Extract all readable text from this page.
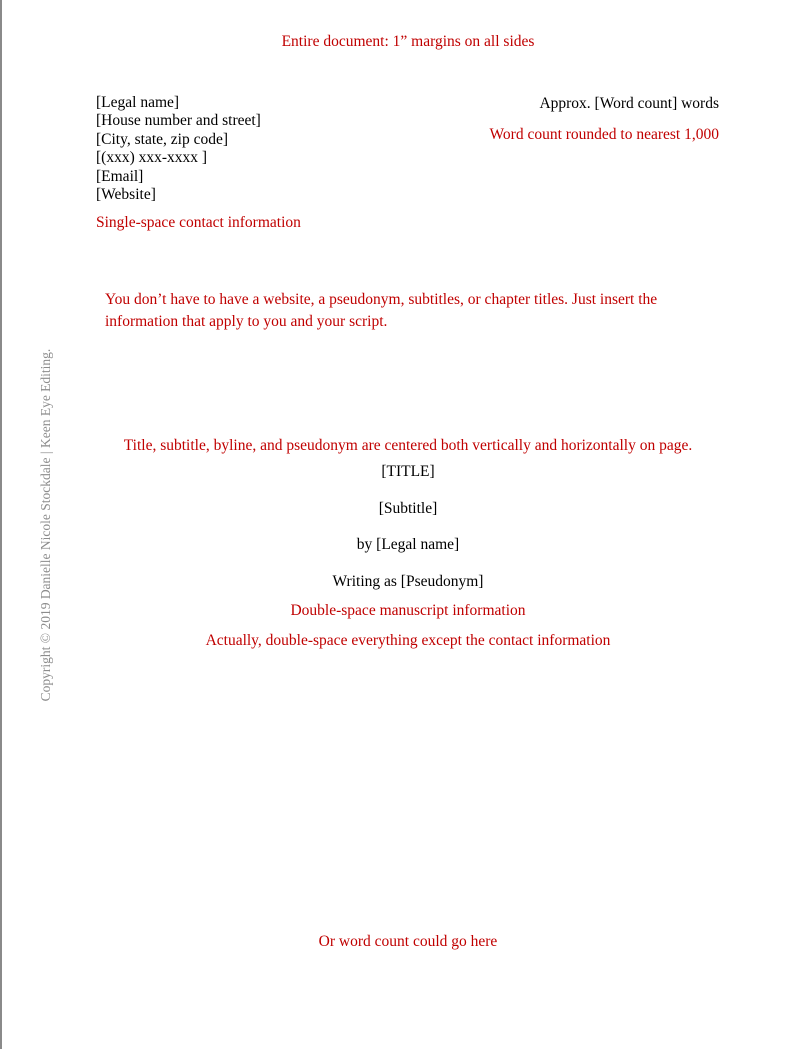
Entire document: 1” margins on all sides
[Legal name]
[House number and street]
[City, state, zip code]
[(xxx) xxx-xxxx ]
[Email]
[Website]
Approx. [Word count] words
Word count rounded to nearest 1,000
Single-space contact information
You don’t have to have a website, a pseudonym, subtitles, or chapter titles. Just insert the information that apply to you and your script.
Copyright © 2019 Danielle Nicole Stockdale | Keen Eye Editing.	Title, subtitle, byline, and pseudonym are centered both vertically and horizontally on page.
[TITLE]
[Subtitle]
by [Legal name]
Writing as [Pseudonym]
Double-space manuscript information
Actually, double-space everything except the contact information
Or word count could go here
